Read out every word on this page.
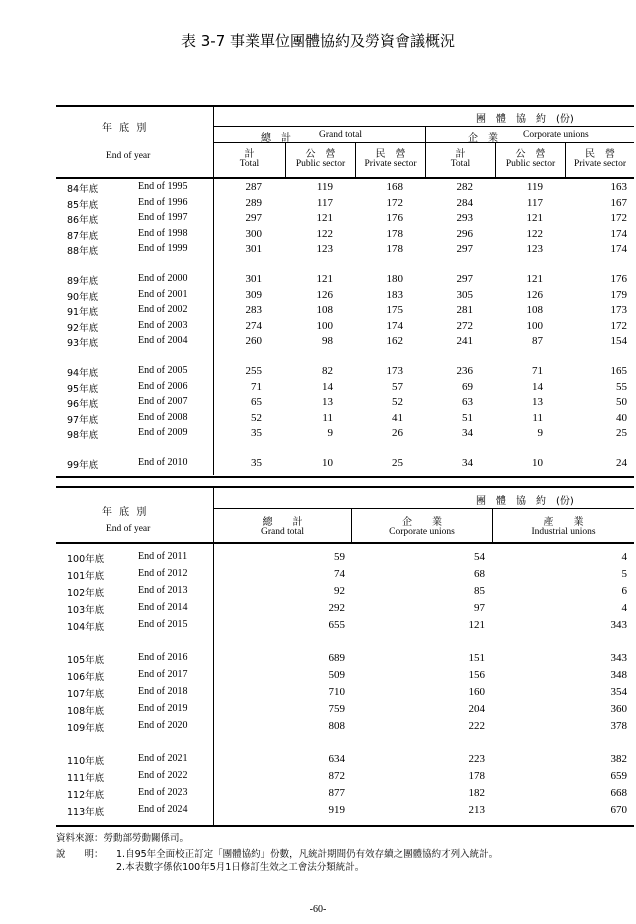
表 3-7 事業單位團體協約及勞資會議概況
年 底 別
End of year
團　體　協　約　(份)
總　計	Grand total	企　業	Corporate unions
計
Total
公　營
Public sector
民　營
Private sector
計
Total
公　營
Public sector
民　營
Private sector
84年底	End of 1995	287	119	168	282	119	163
85年底	End of 1996	289	117	172	284	117	167
86年底	End of 1997	297	121	176	293	121	172
87年底	End of 1998	300	122	178	296	122	174
88年底	End of 1999	301	123	178	297	123	174
89年底	End of 2000	301	121	180	297	121	176
90年底	End of 2001	309	126	183	305	126	179
91年底	End of 2002	283	108	175	281	108	173
92年底	End of 2003	274	100	174	272	100	172
93年底	End of 2004	260	98	162	241	87	154
94年底	End of 2005	255	82	173	236	71	165
95年底	End of 2006	71	14	57	69	14	55
96年底	End of 2007	65	13	52	63	13	50
97年底	End of 2008	52	11	41	51	11	40
98年底	End of 2009	35	9	26	34	9	25
99年底	End of 2010	35	10	25	34	10	24
年 底 別
End of year
團　體　協　約　(份)
總　　計
Grand total
企　　業
Corporate unions
產　　業
Industrial unions
100年底	End of 2011	59	54	4
101年底	End of 2012	74	68	5
102年底	End of 2013	92	85	6
103年底	End of 2014	292	97	4
104年底	End of 2015	655	121	343
105年底	End of 2016	689	151	343
106年底	End of 2017	509	156	348
107年底	End of 2018	710	160	354
108年底	End of 2019	759	204	360
109年底	End of 2020	808	222	378
110年底	End of 2021	634	223	382
111年底	End of 2022	872	178	659
112年底	End of 2023	877	182	668
113年底	End of 2024	919	213	670
資料來源：勞動部勞動關係司。
說　　明： 1.自95年全面校正訂定「團體協約」份數，凡統計期間仍有效存續之團體協約才列入統計。
2.本表數字係依100年5月1日修訂生效之工會法分類統計。
-60-
